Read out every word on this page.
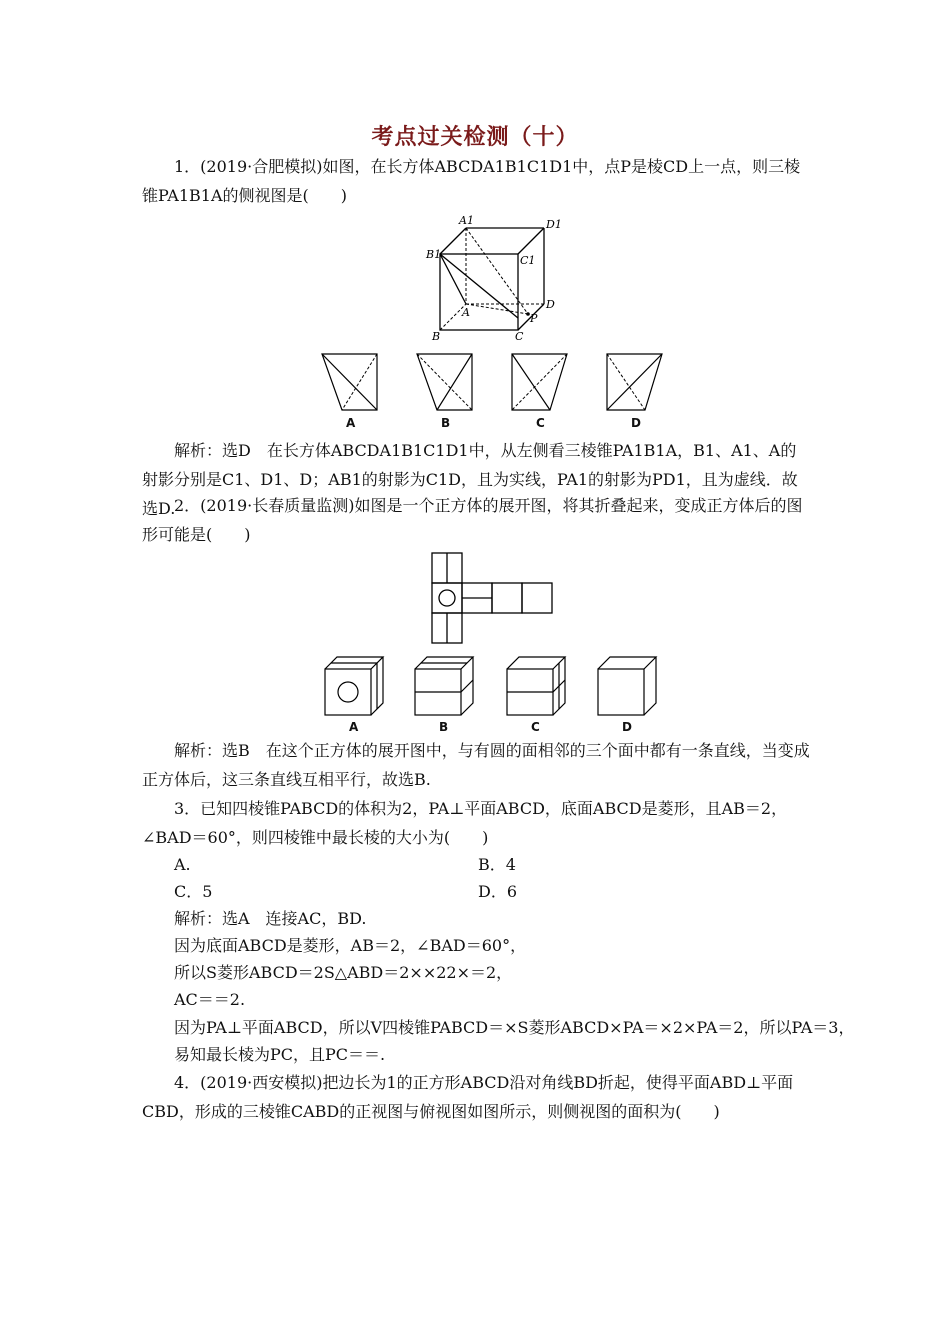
考点过关检测（十）
1．(2019·合肥模拟)如图，在长方体ABCDA1B1C1D1中，点P是棱CD上一点，则三棱锥PA1B1A的侧视图是(　　)
A1	D1
B1	C1
A
D
B	C
P
A	B	C	D
解析：选D　在长方体ABCDA1B1C1D1中，从左侧看三棱锥PA1B1A，B1、A1、A的射影分别是C1、D1、D；AB1的射影为C1D，且为实线，PA1的射影为PD1，且为虚线．故选D.
2．(2019·长春质量监测)如图是一个正方体的展开图，将其折叠起来，变成正方体后的图形可能是(　　)
A	B	C	D
解析：选B　在这个正方体的展开图中，与有圆的面相邻的三个面中都有一条直线，当变成正方体后，这三条直线互相平行，故选B.
3．已知四棱锥PABCD的体积为2，PA⊥平面ABCD，底面ABCD是菱形，且AB＝2，∠BAD＝60°，则四棱锥中最长棱的大小为(　　)
A.	B．4
C．5	D．6
解析：选A　连接AC，BD.
因为底面ABCD是菱形，AB＝2，∠BAD＝60°，
所以S菱形ABCD＝2S△ABD＝2××22×＝2，
AC＝＝2.
因为PA⊥平面ABCD，所以V四棱锥PABCD＝×S菱形ABCD×PA＝×2×PA＝2，所以PA＝3，
易知最长棱为PC，且PC＝＝.
4．(2019·西安模拟)把边长为1的正方形ABCD沿对角线BD折起，使得平面ABD⊥平面CBD，形成的三棱锥CABD的正视图与俯视图如图所示，则侧视图的面积为(　　)
